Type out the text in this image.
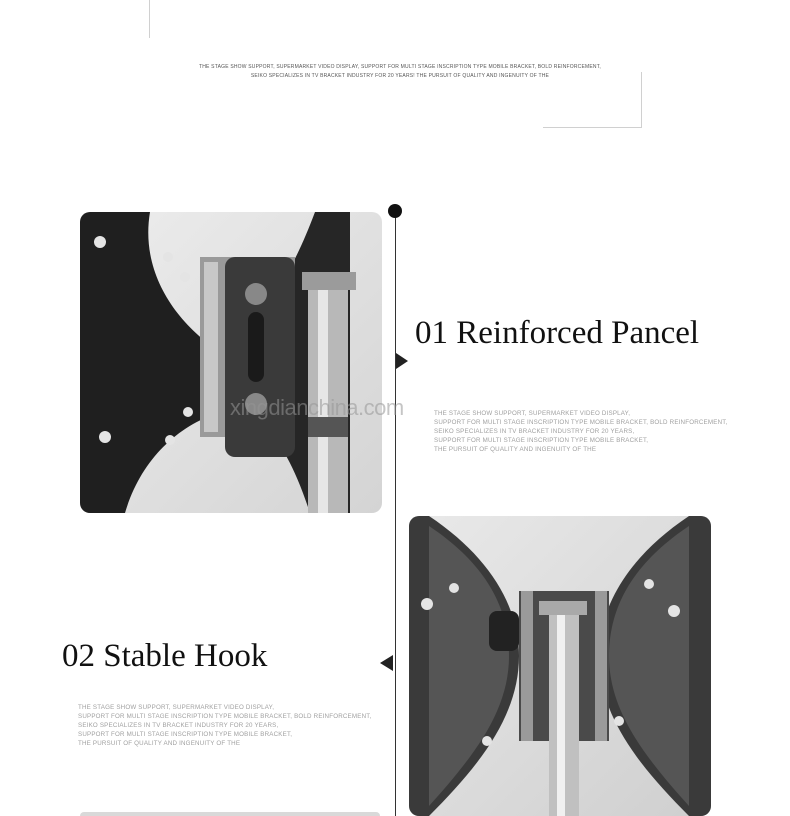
THE STAGE SHOW SUPPORT, SUPERMARKET VIDEO DISPLAY, SUPPORT FOR MULTI STAGE INSCRIPTION TYPE MOBILE BRACKET, BOLD REINFORCEMENT,
SEIKO SPECIALIZES IN TV BRACKET INDUSTRY FOR 20 YEARS! THE PURSUIT OF QUALITY AND INGENUITY OF THE
xingdianchina.com
01 Reinforced Pancel
THE STAGE SHOW SUPPORT, SUPERMARKET VIDEO DISPLAY,
SUPPORT FOR MULTI STAGE INSCRIPTION TYPE MOBILE BRACKET, BOLD REINFORCEMENT,
SEIKO SPECIALIZES IN TV BRACKET INDUSTRY FOR 20 YEARS,
SUPPORT FOR MULTI STAGE INSCRIPTION TYPE MOBILE BRACKET,
THE PURSUIT OF QUALITY AND INGENUITY OF THE
02 Stable Hook
THE STAGE SHOW SUPPORT, SUPERMARKET VIDEO DISPLAY,
SUPPORT FOR MULTI STAGE INSCRIPTION TYPE MOBILE BRACKET, BOLD REINFORCEMENT,
SEIKO SPECIALIZES IN TV BRACKET INDUSTRY FOR 20 YEARS,
SUPPORT FOR MULTI STAGE INSCRIPTION TYPE MOBILE BRACKET,
THE PURSUIT OF QUALITY AND INGENUITY OF THE
